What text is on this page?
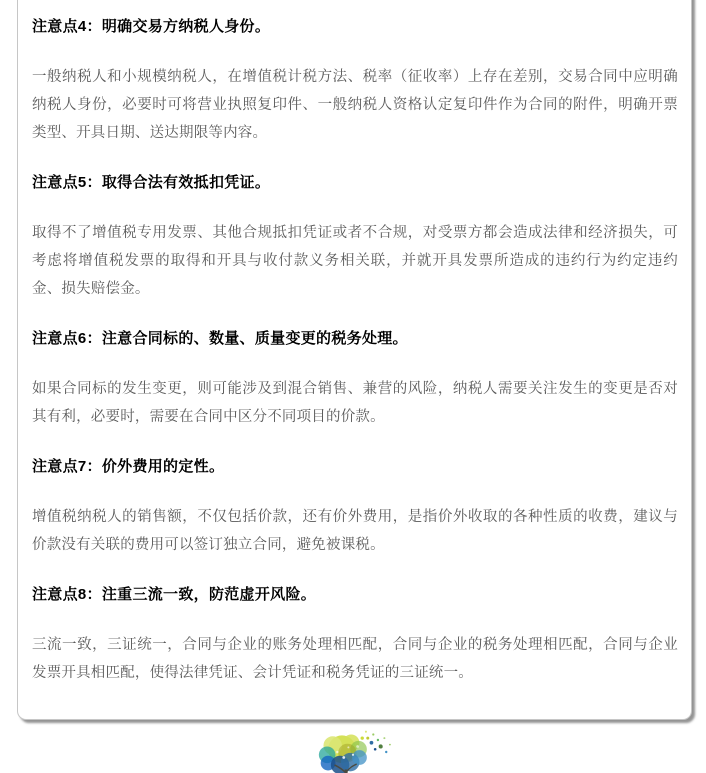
注意点4：明确交易方纳税人身份。
一般纳税人和小规模纳税人，在增值税计税方法、税率（征收率）上存在差别，交易合同中应明确纳税人身份，必要时可将营业执照复印件、一般纳税人资格认定复印件作为合同的附件，明确开票类型、开具日期、送达期限等内容。
注意点5：取得合法有效抵扣凭证。
取得不了增值税专用发票、其他合规抵扣凭证或者不合规，对受票方都会造成法律和经济损失，可考虑将增值税发票的取得和开具与收付款义务相关联，并就开具发票所造成的违约行为约定违约金、损失赔偿金。
注意点6：注意合同标的、数量、质量变更的税务处理。
如果合同标的发生变更，则可能涉及到混合销售、兼营的风险，纳税人需要关注发生的变更是否对其有利，必要时，需要在合同中区分不同项目的价款。
注意点7：价外费用的定性。
增值税纳税人的销售额，不仅包括价款，还有价外费用，是指价外收取的各种性质的收费，建议与价款没有关联的费用可以签订独立合同，避免被课税。
注意点8：注重三流一致，防范虚开风险。
三流一致，三证统一，合同与企业的账务处理相匹配，合同与企业的税务处理相匹配，合同与企业发票开具相匹配，使得法律凭证、会计凭证和税务凭证的三证统一。
